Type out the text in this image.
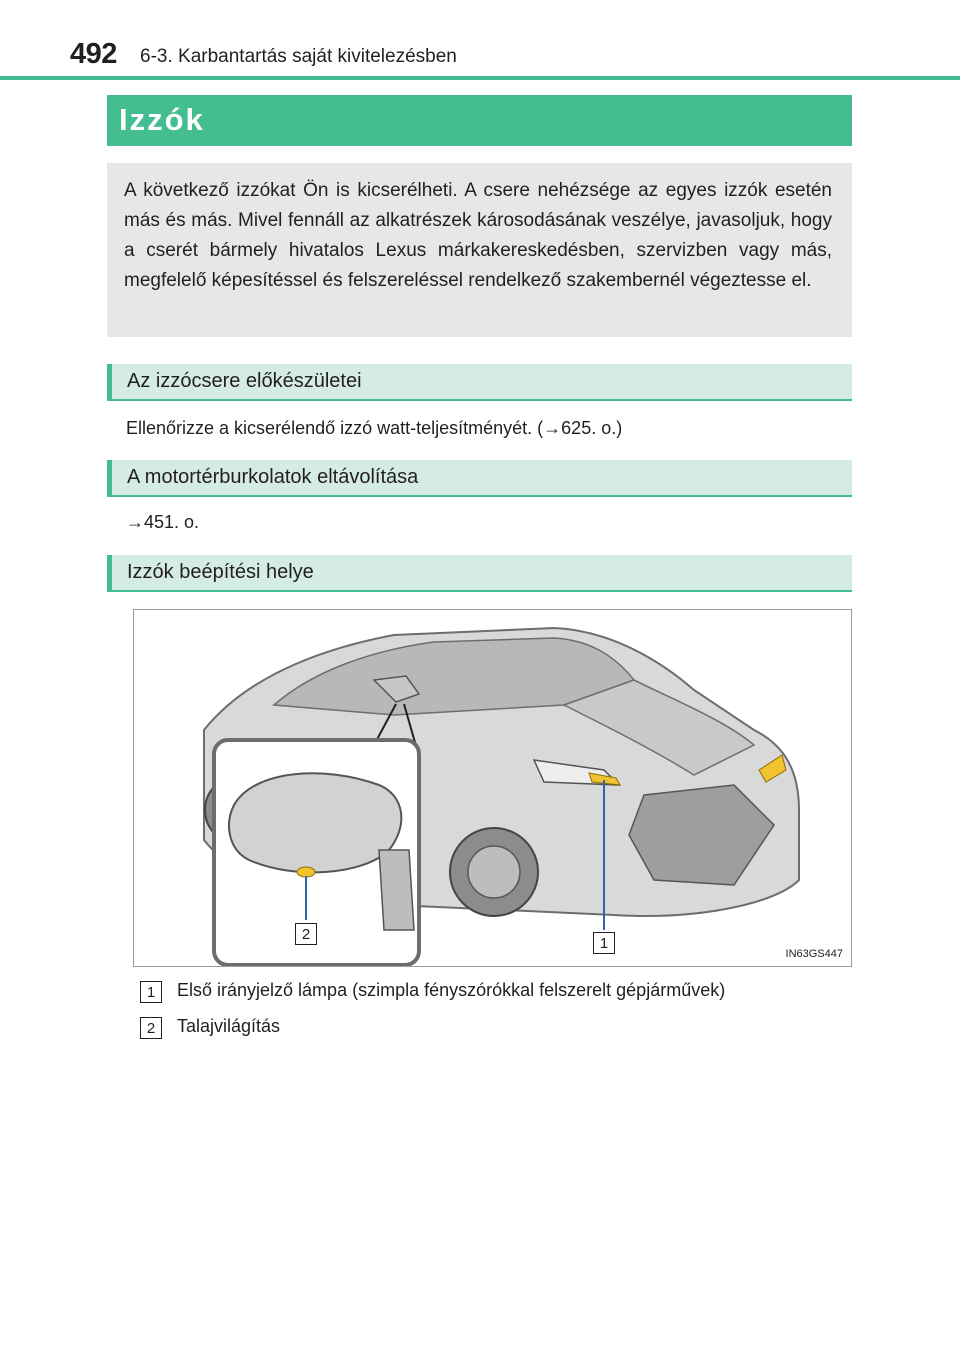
492 6-3. Karbantartás saját kivitelezésben
Izzók
A következő izzókat Ön is kicserélheti. A csere nehézsége az egyes izzók esetén más és más. Mivel fennáll az alkatrészek károsodásának veszélye, javasoljuk, hogy a cserét bármely hivatalos Lexus márkakereskedésben, szervizben vagy más, megfelelő képesítéssel és felszereléssel rendelkező szakembernél végeztesse el.
Az izzócsere előkészületei
Ellenőrizze a kicserélendő izzó watt-teljesítményét. (→625. o.)
A motortérburkolatok eltávolítása
→451. o.
Izzók beépítési helye
2
1
IN63GS447
1	Első irányjelző lámpa (szimpla fényszórókkal felszerelt gépjárművek)
2	Talajvilágítás
